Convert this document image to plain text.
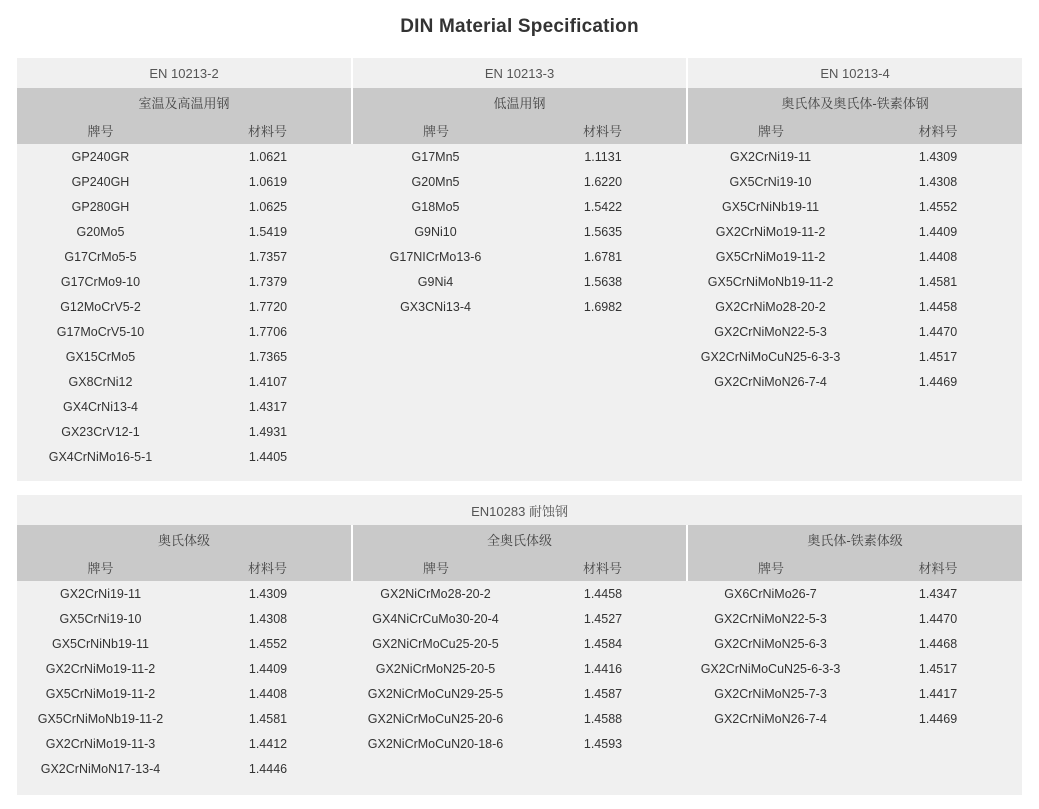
DIN Material Specification
EN 10213-2		EN 10213-3		EN 10213-4	
室温及高温用钢		低温用钢		奥氏体及奥氏体-铁素体钢	
牌号	材料号	牌号	材料号	牌号	材料号
GP240GR	1.0621	G17Mn5	1.1131	GX2CrNi19-11	1.4309
GP240GH	1.0619	G20Mn5	1.6220	GX5CrNi19-10	1.4308
GP280GH	1.0625	G18Mo5	1.5422	GX5CrNiNb19-11	1.4552
G20Mo5	1.5419	G9Ni10	1.5635	GX2CrNiMo19-11-2	1.4409
G17CrMo5-5	1.7357	G17NICrMo13-6	1.6781	GX5CrNiMo19-11-2	1.4408
G17CrMo9-10	1.7379	G9Ni4	1.5638	GX5CrNiMoNb19-11-2	1.4581
G12MoCrV5-2	1.7720	GX3CNi13-4	1.6982	GX2CrNiMo28-20-2	1.4458
G17MoCrV5-10	1.7706			GX2CrNiMoN22-5-3	1.4470
GX15CrMo5	1.7365			GX2CrNiMoCuN25-6-3-3	1.4517
GX8CrNi12	1.4107			GX2CrNiMoN26-7-4	1.4469
GX4CrNi13-4	1.4317				
GX23CrV12-1	1.4931				
GX4CrNiMo16-5-1	1.4405				

EN10283 耐蚀钢					
奥氏体级		全奥氏体级		奥氏体-铁素体级	
牌号	材料号	牌号	材料号	牌号	材料号
GX2CrNi19-11	1.4309	GX2NiCrMo28-20-2	1.4458	GX6CrNiMo26-7	1.4347
GX5CrNi19-10	1.4308	GX4NiCrCuMo30-20-4	1.4527	GX2CrNiMoN22-5-3	1.4470
GX5CrNiNb19-11	1.4552	GX2NiCrMoCu25-20-5	1.4584	GX2CrNiMoN25-6-3	1.4468
GX2CrNiMo19-11-2	1.4409	GX2NiCrMoN25-20-5	1.4416	GX2CrNiMoCuN25-6-3-3	1.4517
GX5CrNiMo19-11-2	1.4408	GX2NiCrMoCuN29-25-5	1.4587	GX2CrNiMoN25-7-3	1.4417
GX5CrNiMoNb19-11-2	1.4581	GX2NiCrMoCuN25-20-6	1.4588	GX2CrNiMoN26-7-4	1.4469
GX2CrNiMo19-11-3	1.4412	GX2NiCrMoCuN20-18-6	1.4593		
GX2CrNiMoN17-13-4	1.4446				
